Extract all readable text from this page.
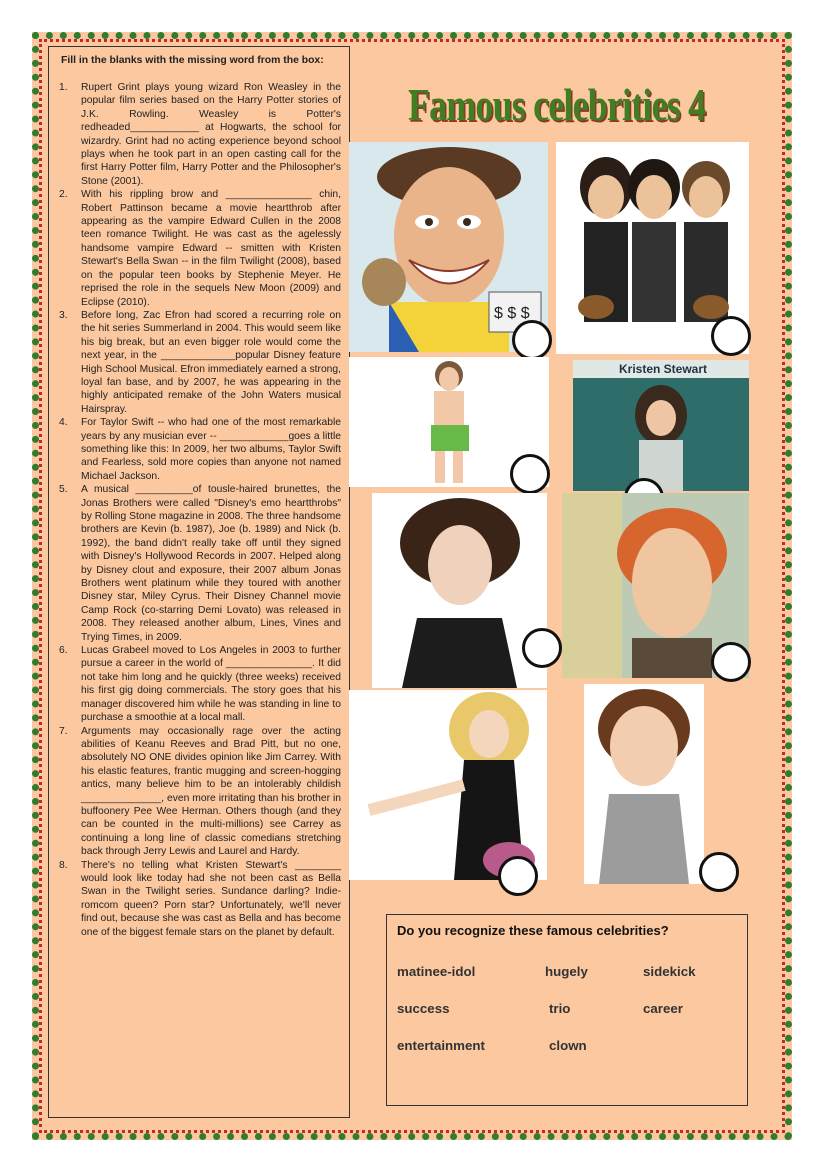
Fill in the blanks with the missing word from the box:
1.	Rupert Grint plays young wizard Ron Weasley in the popular film series based on the Harry Potter stories of J.K. Rowling. Weasley is Potter's redheaded____________ at Hogwarts, the school for wizardry. Grint had no acting experience beyond school plays when he took part in an open casting call for the first Harry Potter film, Harry Potter and the Philosopher's Stone (2001).
2.	With his rippling brow and _______________ chin, Robert Pattinson became a movie heartthrob after appearing as the vampire Edward Cullen in the 2008 teen romance Twilight. He was cast as the agelessly handsome vampire Edward -- smitten with Kristen Stewart's Bella Swan -- in the film Twilight (2008), based on the popular teen books by Stephenie Meyer. He reprised the role in the sequels New Moon (2009) and Eclipse (2010).
3.	Before long, Zac Efron had scored a recurring role on the hit series Summerland in 2004. This would seem like his big break, but an even bigger role would come the next year, in the _____________popular Disney feature High School Musical. Efron immediately earned a strong, loyal fan base, and by 2007, he was appearing in the highly anticipated remake of the John Waters musical Hairspray.
4.	For Taylor Swift -- who had one of the most remarkable years by any musician ever -- ____________goes a little something like this: In 2009, her two albums, Taylor Swift and Fearless, sold more copies than anyone not named Michael Jackson.
5.	A musical __________of tousle-haired brunettes, the Jonas Brothers were called "Disney's emo heartthrobs" by Rolling Stone magazine in 2008. The three handsome brothers are Kevin (b. 1987), Joe (b. 1989) and Nick (b. 1992), the band didn't really take off until they signed with Disney's Hollywood Records in 2007. Helped along by Disney clout and exposure, their 2007 album Jonas Brothers went platinum while they toured with another Disney star, Miley Cyrus. Their Disney Channel movie Camp Rock (co-starring Demi Lovato) was released in 2008. They released another album, Lines, Vines and Trying Times, in 2009.
6.	Lucas Grabeel moved to Los Angeles in 2003 to further pursue a career in the world of _______________. It did not take him long and he quickly (three weeks) received his first gig doing commercials. The story goes that his manager discovered him while he was standing in line to purchase a smoothie at a local mall.
7.	Arguments may occasionally rage over the acting abilities of Keanu Reeves and Brad Pitt, but no one, absolutely NO ONE divides opinion like Jim Carrey. With his elastic features, frantic mugging and screen-hogging antics, many believe him to be an intolerably childish ______________, even more irritating than his brother in buffoonery Pee Wee Herman. Others though (and they can be counted in the multi-millions) see Carrey as continuing a long line of classic comedians stretching back through Jerry Lewis and Laurel and Hardy.
8.	There's no telling what Kristen Stewart's ________ would look like today had she not been cast as Bella Swan in the Twilight series. Sundance darling? Indie-romcom queen? Porn star? Unfortunately, we'll never find out, because she was cast as Bella and has become one of the biggest female stars on the planet by default.
Famous celebrities 4
$ $ $
Kristen Stewart
Do you recognize these famous celebrities?
matinee-idol	hugely	sidekick
success	trio	career
entertainment	clown
